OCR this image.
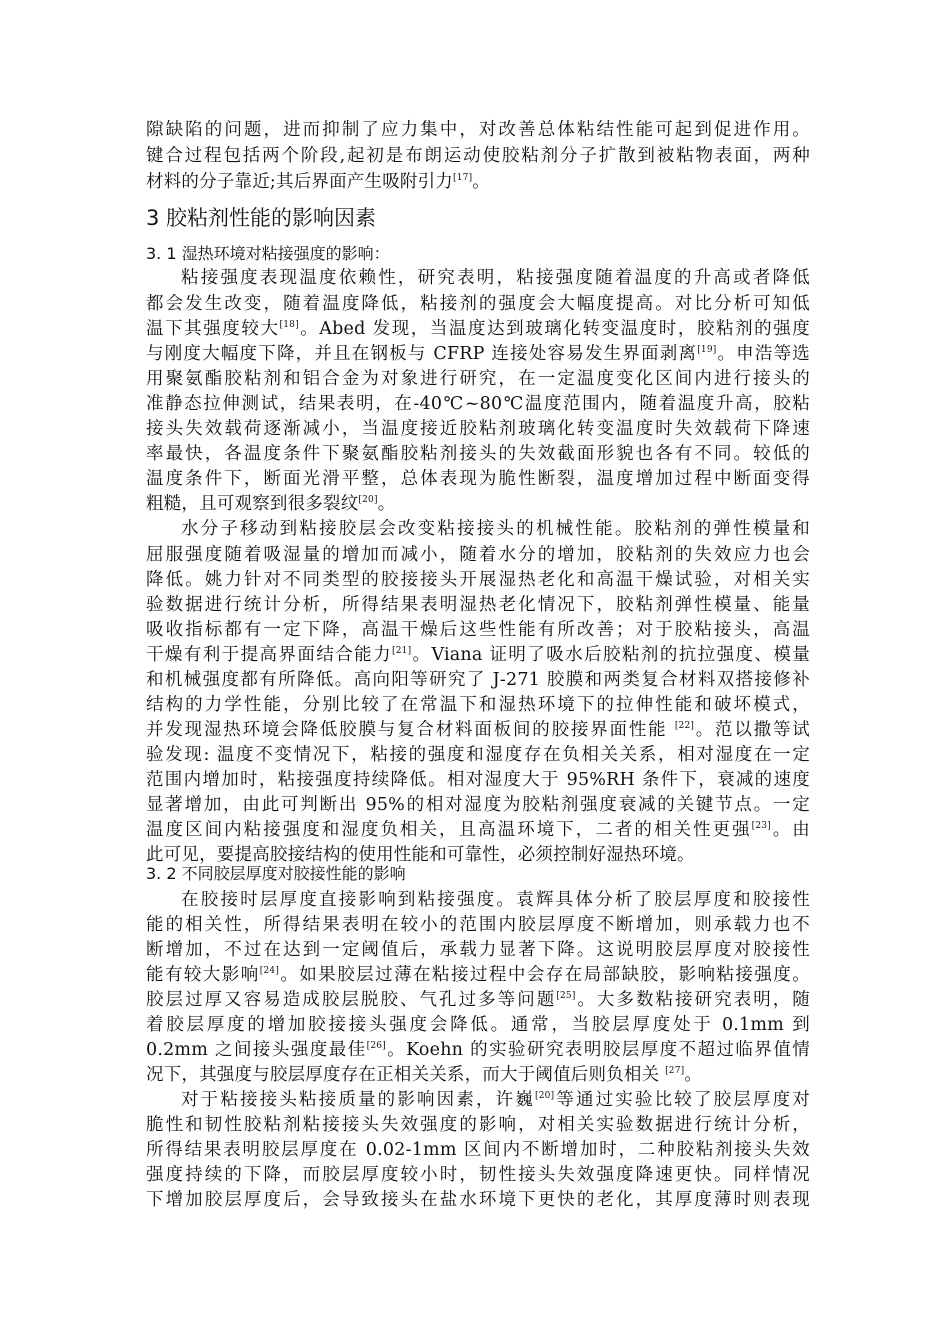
隙缺陷的问题，进而抑制了应力集中，对改善总体粘结性能可起到促进作用。
键合过程包括两个阶段,起初是布朗运动使胶粘剂分子扩散到被粘物表面，两种
材料的分子靠近;其后界面产生吸附引力[17]。
3 胶粘剂性能的影响因素
3. 1 湿热环境对粘接强度的影响：
粘接强度表现温度依赖性，研究表明，粘接强度随着温度的升高或者降低
都会发生改变，随着温度降低，粘接剂的强度会大幅度提高。对比分析可知低
温下其强度较大[18]。Abed 发现，当温度达到玻璃化转变温度时，胶粘剂的强度
与刚度大幅度下降，并且在钢板与 CFRP 连接处容易发生界面剥离[19]。申浩等选
用聚氨酯胶粘剂和铝合金为对象进行研究，在一定温度变化区间内进行接头的
准静态拉伸测试，结果表明，在-40℃~80℃温度范围内，随着温度升高，胶粘
接头失效载荷逐渐减小，当温度接近胶粘剂玻璃化转变温度时失效载荷下降速
率最快，各温度条件下聚氨酯胶粘剂接头的失效截面形貌也各有不同。较低的
温度条件下，断面光滑平整，总体表现为脆性断裂，温度增加过程中断面变得
粗糙，且可观察到很多裂纹[20]。
水分子移动到粘接胶层会改变粘接接头的机械性能。胶粘剂的弹性模量和
屈服强度随着吸湿量的增加而减小，随着水分的增加，胶粘剂的失效应力也会
降低。姚力针对不同类型的胶接接头开展湿热老化和高温干燥试验，对相关实
验数据进行统计分析，所得结果表明湿热老化情况下，胶粘剂弹性模量、能量
吸收指标都有一定下降，高温干燥后这些性能有所改善；对于胶粘接头，高温
干燥有利于提高界面结合能力[21]。Viana 证明了吸水后胶粘剂的抗拉强度、模量
和机械强度都有所降低。高向阳等研究了 J-271 胶膜和两类复合材料双搭接修补
结构的力学性能，分别比较了在常温下和湿热环境下的拉伸性能和破坏模式，
并发现湿热环境会降低胶膜与复合材料面板间的胶接界面性能 [22]。范以撒等试
验发现: 温度不变情况下，粘接的强度和湿度存在负相关关系，相对湿度在一定
范围内增加时，粘接强度持续降低。相对湿度大于 95%RH 条件下，衰减的速度
显著增加，由此可判断出 95%的相对湿度为胶粘剂强度衰减的关键节点。一定
温度区间内粘接强度和湿度负相关，且高温环境下，二者的相关性更强[23]。由
此可见，要提高胶接结构的使用性能和可靠性，必须控制好湿热环境。
3. 2 不同胶层厚度对胶接性能的影响
在胶接时层厚度直接影响到粘接强度。袁辉具体分析了胶层厚度和胶接性
能的相关性，所得结果表明在较小的范围内胶层厚度不断增加，则承载力也不
断增加，不过在达到一定阈值后，承载力显著下降。这说明胶层厚度对胶接性
能有较大影响[24]。如果胶层过薄在粘接过程中会存在局部缺胶，影响粘接强度。
胶层过厚又容易造成胶层脱胶、气孔过多等问题[25]。大多数粘接研究表明，随
着胶层厚度的增加胶接接头强度会降低。通常，当胶层厚度处于 0.1mm 到
0.2mm 之间接头强度最佳[26]。Koehn 的实验研究表明胶层厚度不超过临界值情
况下，其强度与胶层厚度存在正相关关系，而大于阈值后则负相关 [27]。
对于粘接接头粘接质量的影响因素，许巍[20]等通过实验比较了胶层厚度对
脆性和韧性胶粘剂粘接接头失效强度的影响，对相关实验数据进行统计分析，
所得结果表明胶层厚度在 0.02-1mm 区间内不断增加时，二种胶粘剂接头失效
强度持续的下降，而胶层厚度较小时，韧性接头失效强度降速更快。同样情况
下增加胶层厚度后，会导致接头在盐水环境下更快的老化，其厚度薄时则表现
